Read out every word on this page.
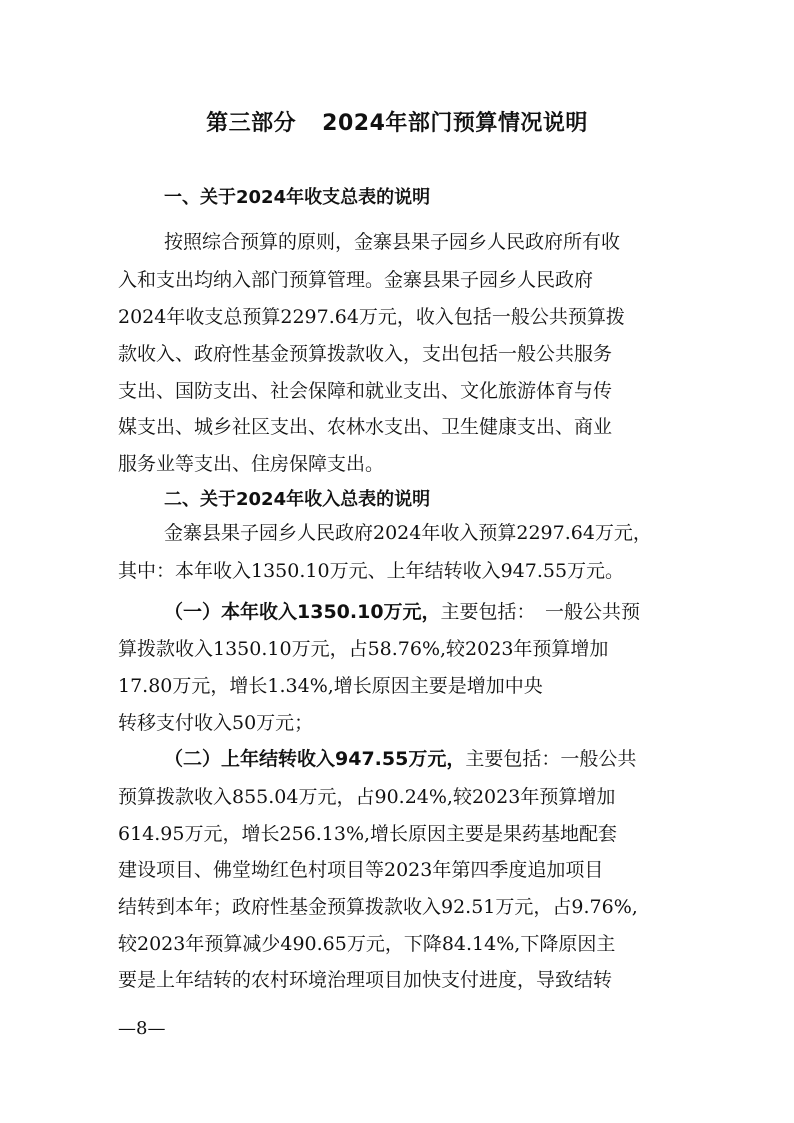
第三部分 2024年部门预算情况说明
一、关于2024年收支总表的说明
按照综合预算的原则，金寨县果子园乡人民政府所有收
入和支出均纳入部门预算管理。金寨县果子园乡人民政府
2024年收支总预算2297.64万元，收入包括一般公共预算拨
款收入、政府性基金预算拨款收入，支出包括一般公共服务
支出、国防支出、社会保障和就业支出、文化旅游体育与传
媒支出、城乡社区支出、农林水支出、卫生健康支出、商业
服务业等支出、住房保障支出。
二、关于2024年收入总表的说明
金寨县果子园乡人民政府2024年收入预算2297.64万元，
其中：本年收入1350.10万元、上年结转收入947.55万元。
（一）本年收入1350.10万元，主要包括：　一般公共预
算拨款收入1350.10万元，占58.76%,较2023年预算增加
17.80万元，增长1.34%,增长原因主要是增加中央
转移支付收入50万元；
（二）上年结转收入947.55万元，主要包括：一般公共
预算拨款收入855.04万元，占90.24%,较2023年预算增加
614.95万元，增长256.13%,增长原因主要是果药基地配套
建设项目、佛堂坳红色村项目等2023年第四季度追加项目
结转到本年；政府性基金预算拨款收入92.51万元，占9.76%,
较2023年预算减少490.65万元，下降84.14%,下降原因主
要是上年结转的农村环境治理项目加快支付进度，导致结转
—8—
